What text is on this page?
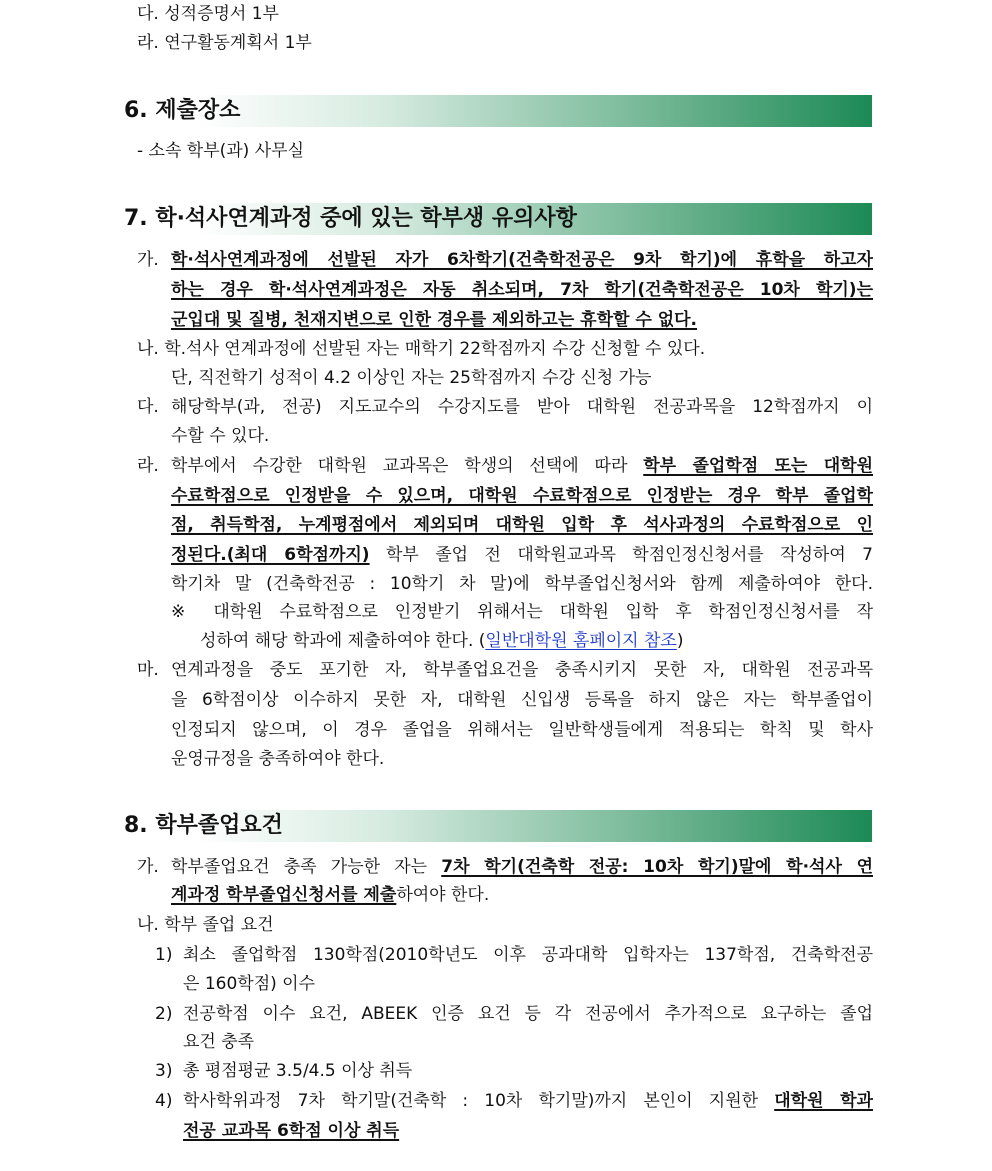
다. 성적증명서 1부
라. 연구활동계획서 1부
6. 제출장소
- 소속 학부(과) 사무실
7. 학·석사연계과정 중에 있는 학부생 유의사항
가. 학·석사연계과정에 선발된 자가 6차학기(건축학전공은 9차 학기)에 휴학을 하고자
하는 경우 학·석사연계과정은 자동 취소되며, 7차 학기(건축학전공은 10차 학기)는
군입대 및 질병, 천재지변으로 인한 경우를 제외하고는 휴학할 수 없다.
나. 학.석사 연계과정에 선발된 자는 매학기 22학점까지 수강 신청할 수 있다.
단, 직전학기 성적이 4.2 이상인 자는 25학점까지 수강 신청 가능
다. 해당학부(과, 전공) 지도교수의 수강지도를 받아 대학원 전공과목을 12학점까지 이
수할 수 있다.
라. 학부에서 수강한 대학원 교과목은 학생의 선택에 따라 학부 졸업학점 또는 대학원
수료학점으로 인정받을 수 있으며, 대학원 수료학점으로 인정받는 경우 학부 졸업학
점, 취득학점, 누계평점에서 제외되며 대학원 입학 후 석사과정의 수료학점으로 인
정된다.(최대 6학점까지) 학부 졸업 전 대학원교과목 학점인정신청서를 작성하여 7
학기차 말 (건축학전공 : 10학기 차 말)에 학부졸업신청서와 함께 제출하여야 한다.
※ 대학원 수료학점으로 인정받기 위해서는 대학원 입학 후 학점인정신청서를 작
성하여 해당 학과에 제출하여야 한다. (일반대학원 홈페이지 참조)
마. 연계과정을 중도 포기한 자, 학부졸업요건을 충족시키지 못한 자, 대학원 전공과목
을 6학점이상 이수하지 못한 자, 대학원 신입생 등록을 하지 않은 자는 학부졸업이
인정되지 않으며, 이 경우 졸업을 위해서는 일반학생들에게 적용되는 학칙 및 학사
운영규정을 충족하여야 한다.
8. 학부졸업요건
가. 학부졸업요건 충족 가능한 자는 7차 학기(건축학 전공: 10차 학기)말에 학·석사 연
계과정 학부졸업신청서를 제출하여야 한다.
나. 학부 졸업 요건
1) 최소 졸업학점 130학점(2010학년도 이후 공과대학 입학자는 137학점, 건축학전공
은 160학점) 이수
2) 전공학점 이수 요건, ABEEK 인증 요건 등 각 전공에서 추가적으로 요구하는 졸업
요건 충족
3) 총 평점평균 3.5/4.5 이상 취득
4) 학사학위과정 7차 학기말(건축학 : 10차 학기말)까지 본인이 지원한 대학원 학과
전공 교과목 6학점 이상 취득
